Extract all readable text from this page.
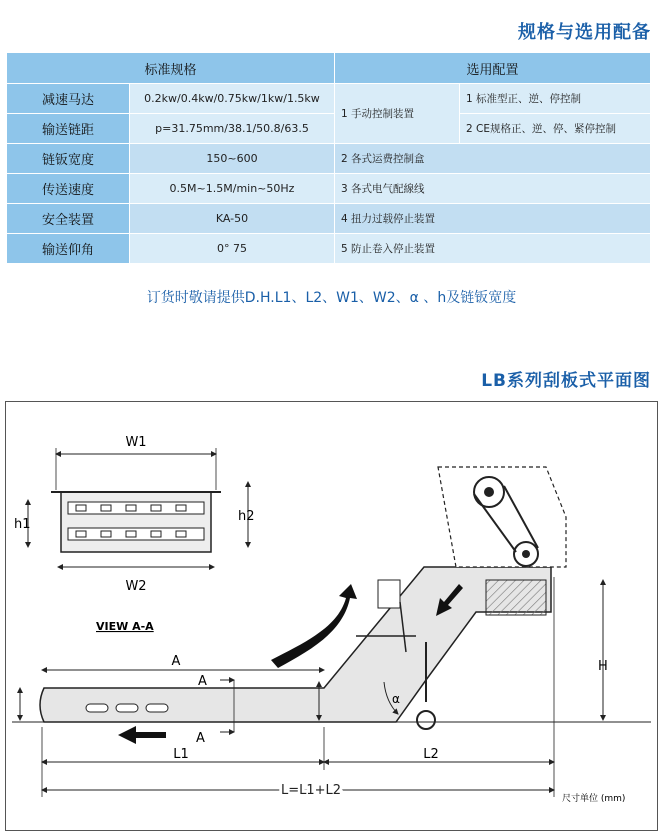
规格与选用配备
标准规格		选用配置	
减速马达	0.2kw/0.4kw/0.75kw/1kw/1.5kw	1 手动控制装置	1 标准型正、逆、停控制
输送链距	p=31.75mm/38.1/50.8/63.5		2 CE规格正、逆、停、紧停控制
链钣宽度	150~600	2 各式运费控制盒	
传送速度	0.5M~1.5M/min~50Hz	3 各式电气配線线	
安全装置	KA-50	4 扭力过载停止装置	
输送仰角	0° 75	5 防止卷入停止装置	
订货时敬请提供D.H.L1、L2、W1、W2、α 、h及链钣宽度
LB系列刮板式平面图
W1
W2
h1
h2
VIEW A-A
A
A
A
L1	L2
L=L1+L2
H
α
尺寸单位 (mm)
